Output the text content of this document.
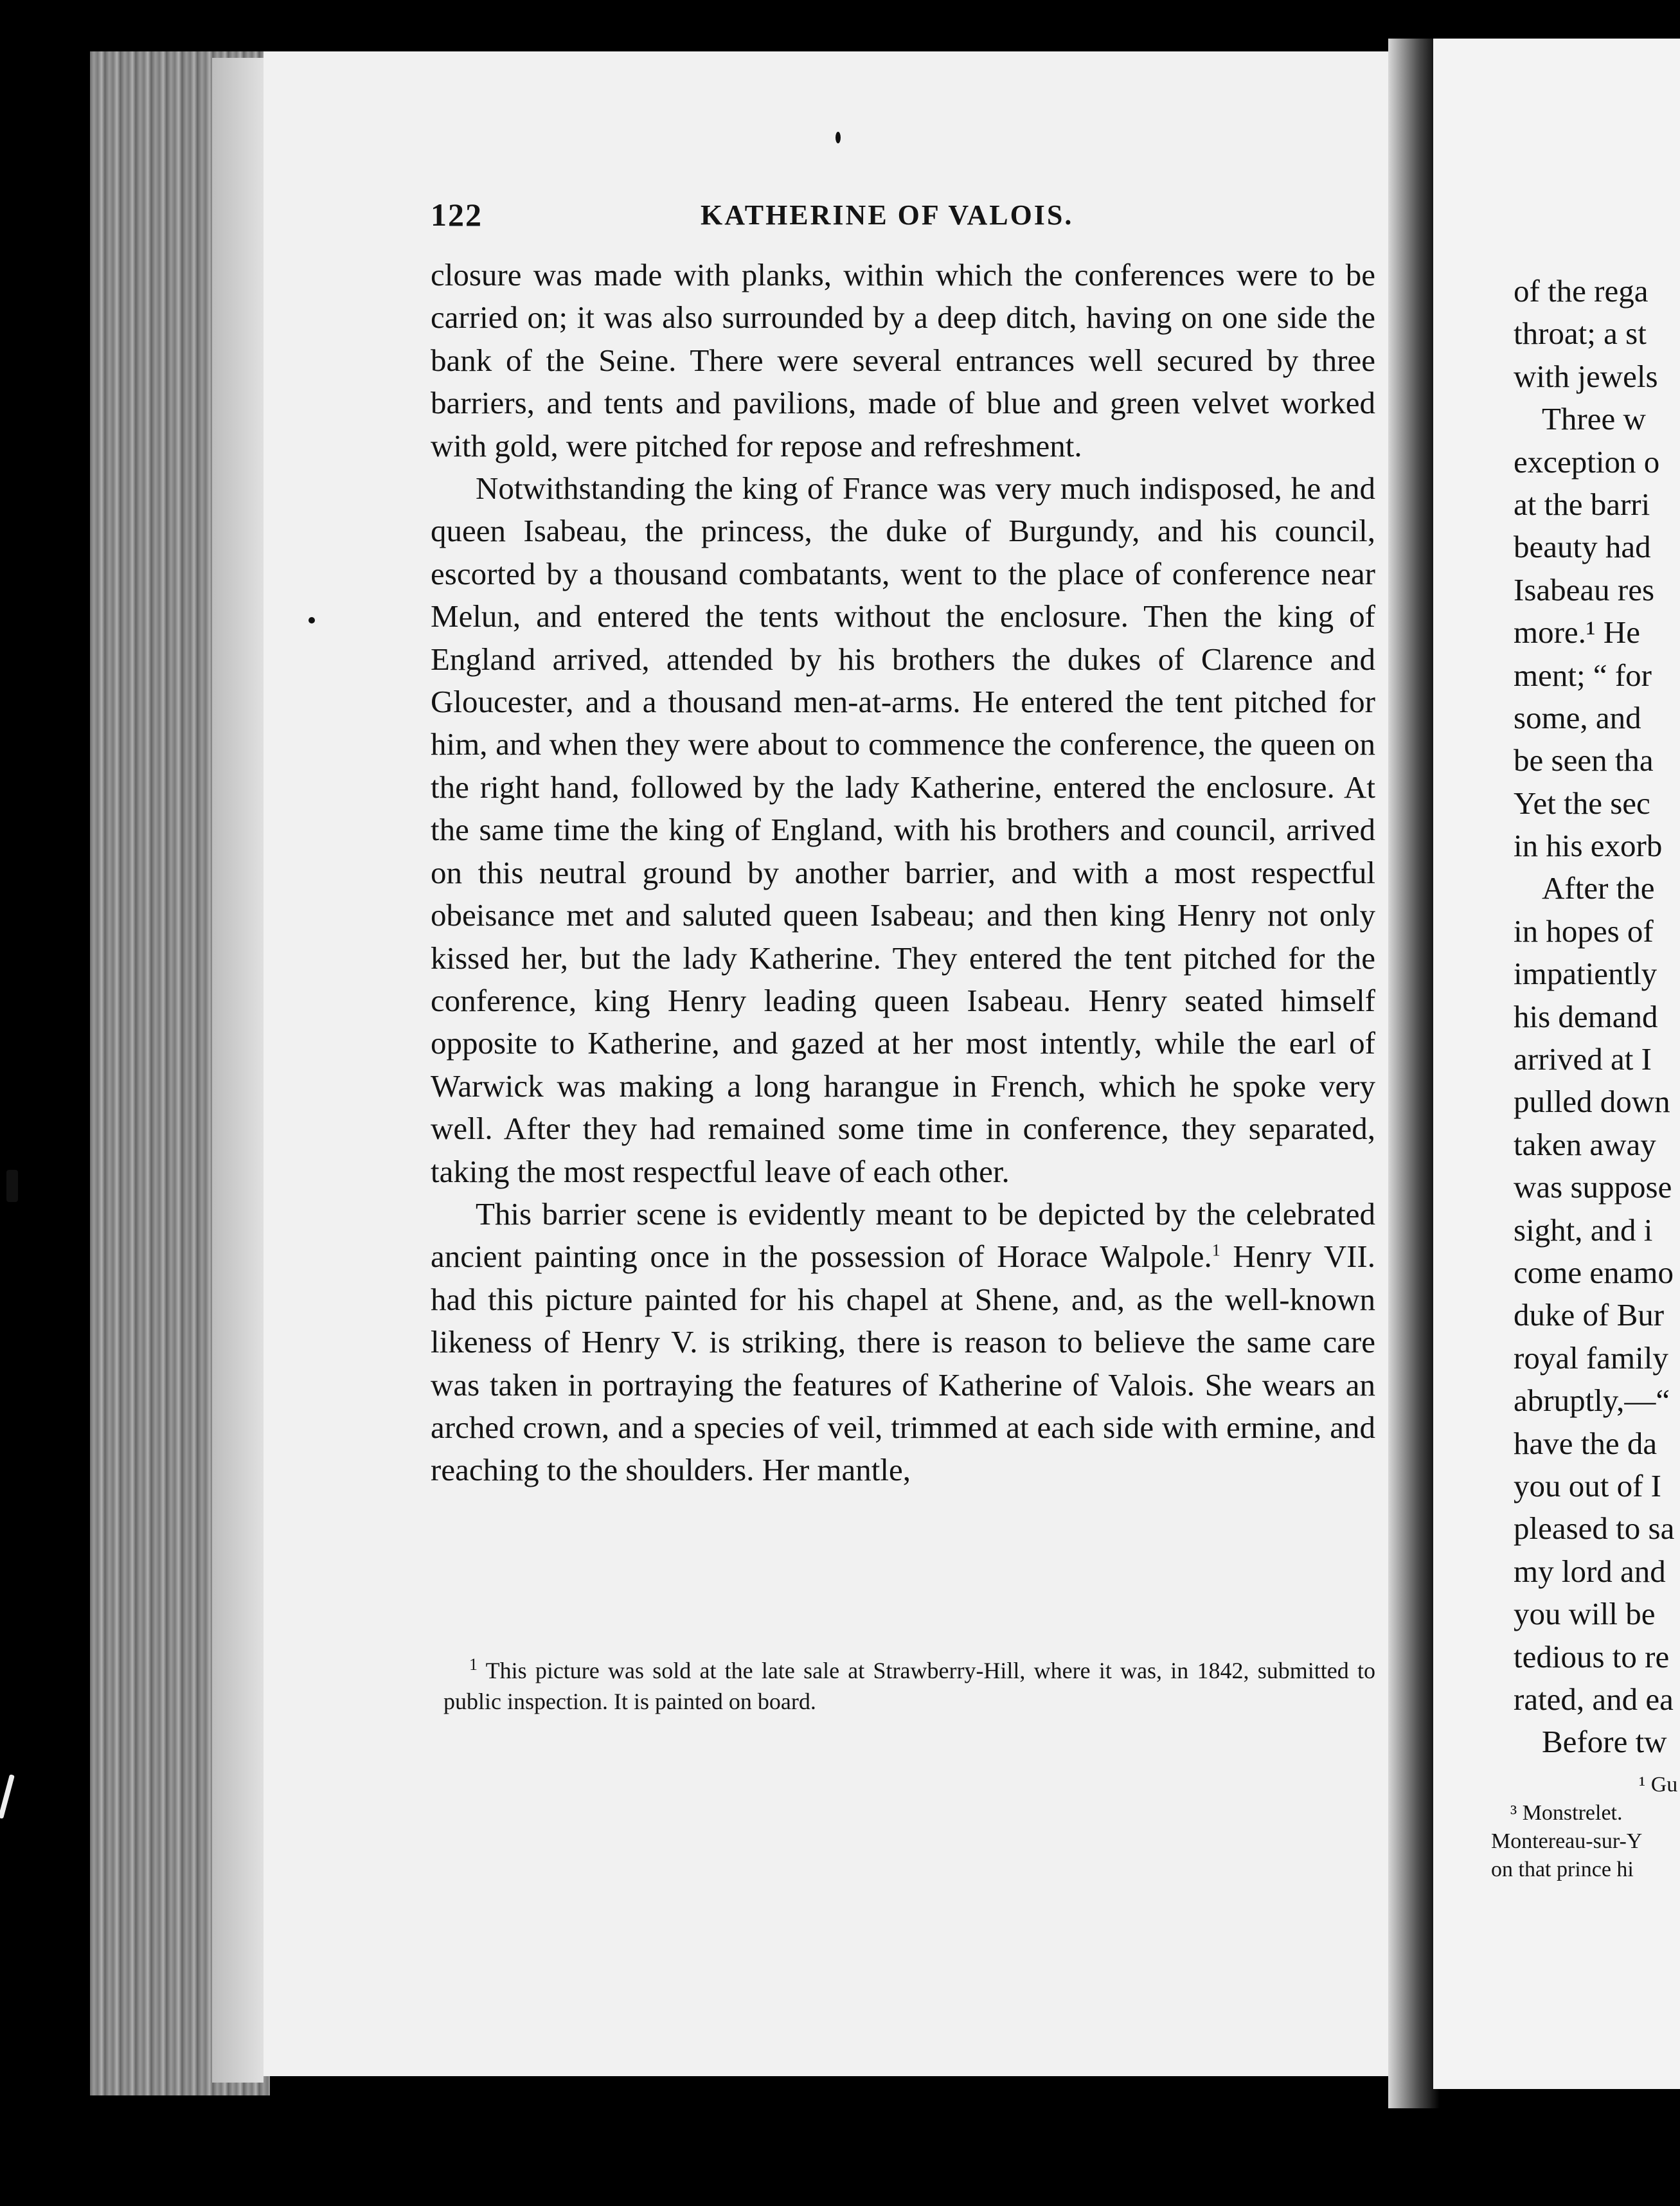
122	KATHERINE OF VALOIS.

closure was made with planks, within which the conferences were to be carried on; it was also surrounded by a deep ditch, having on one side the bank of the Seine. There were several entrances well secured by three barriers, and tents and pavilions, made of blue and green velvet worked with gold, were pitched for repose and refreshment.

Notwithstanding the king of France was very much indisposed, he and queen Isabeau, the princess, the duke of Burgundy, and his council, escorted by a thousand combatants, went to the place of conference near Melun, and entered the tents without the enclosure. Then the king of England arrived, attended by his brothers the dukes of Clarence and Gloucester, and a thousand men-at-arms. He entered the tent pitched for him, and when they were about to commence the conference, the queen on the right hand, followed by the lady Katherine, entered the enclosure. At the same time the king of England, with his brothers and council, arrived on this neutral ground by another barrier, and with a most respectful obeisance met and saluted queen Isabeau; and then king Henry not only kissed her, but the lady Katherine. They entered the tent pitched for the conference, king Henry leading queen Isabeau. Henry seated himself opposite to Katherine, and gazed at her most intently, while the earl of Warwick was making a long harangue in French, which he spoke very well. After they had remained some time in conference, they separated, taking the most respectful leave of each other.

This barrier scene is evidently meant to be depicted by the celebrated ancient painting once in the possession of Horace Walpole.$^1$ Henry VII. had this picture painted for his chapel at Shene, and, as the well-known likeness of Henry V. is striking, there is reason to believe the same care was taken in portraying the features of Katherine of Valois. She wears an arched crown, and a species of veil, trimmed at each side with ermine, and reaching to the shoulders. Her mantle,

$^1$ This picture was sold at the late sale at Strawberry-Hill, where it was, in 1842, submitted to public inspection. It is painted on board.

of the rega
throat; a st
with jewels
Three w
exception o
at the barri
beauty had
Isabeau res
more.¹ He
ment; “ for
some, and
be seen tha
Yet the sec
in his exorb
After the
in hopes of
impatiently
his demand
arrived at I
pulled down
taken away
was suppose
sight, and i
come enamo
duke of Bur
royal family
abruptly,—“
have the da
you out of I
pleased to sa
my lord and
you will be
tedious to re
rated, and ea
Before tw
¹ Gu
³ Monstrelet.
Montereau-sur-Y
on that prince hi
